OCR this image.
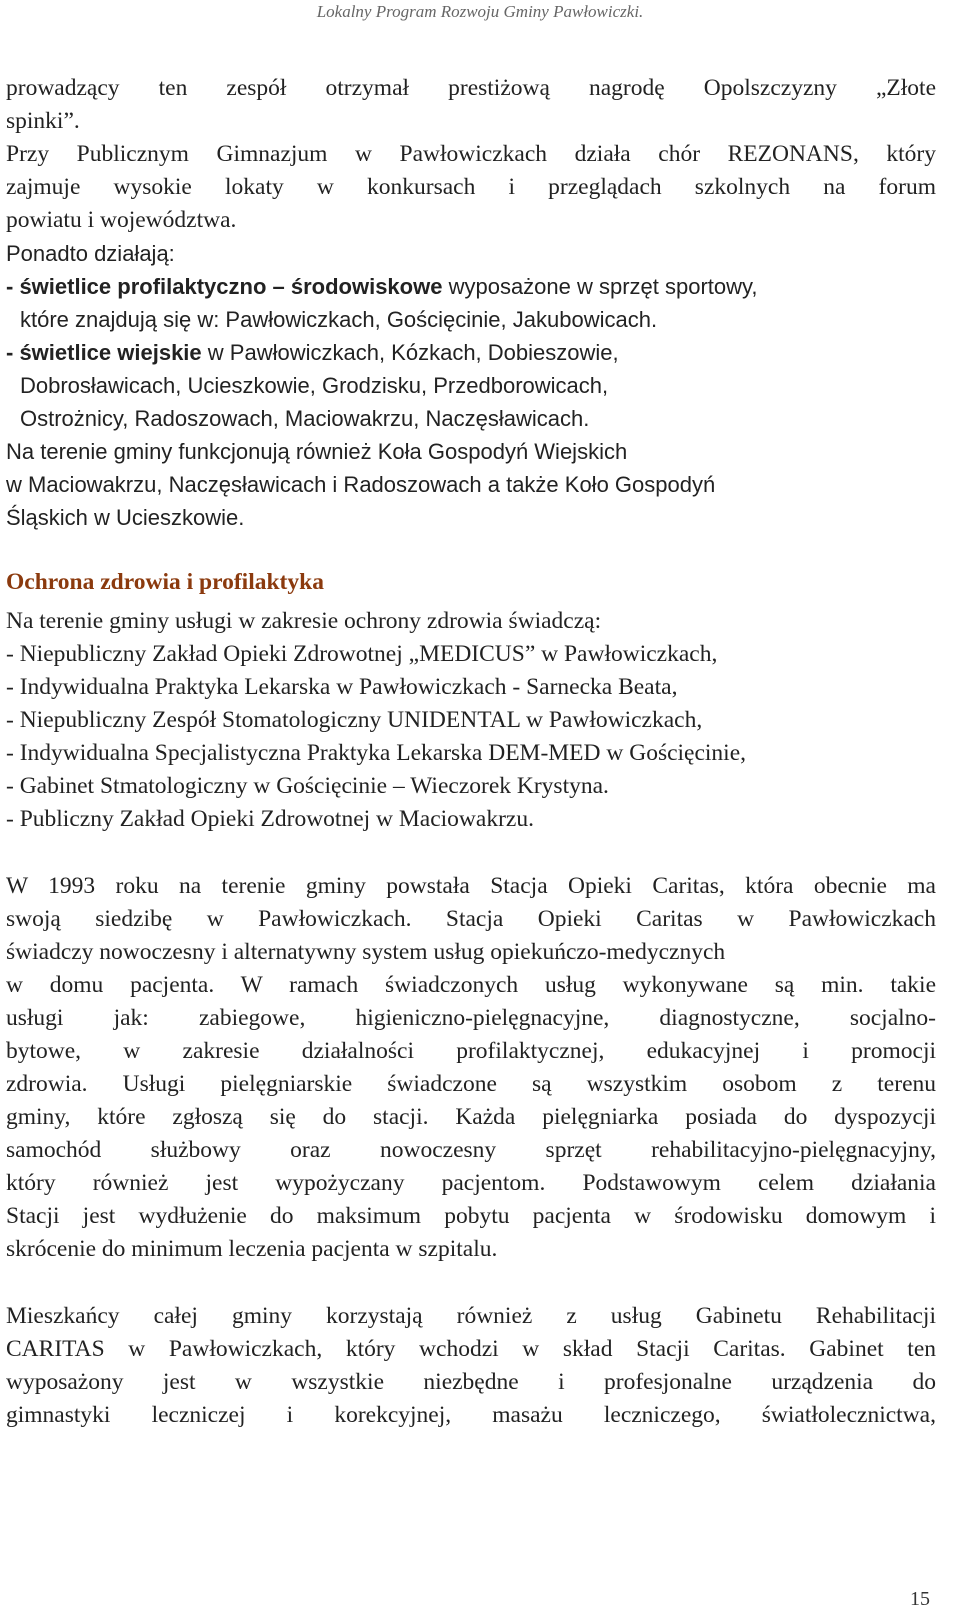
Lokalny Program Rozwoju Gminy Pawłowiczki.
prowadzący ten zespół otrzymał prestiżową nagrodę Opolszczyzny „Złote
spinki”.
Przy Publicznym Gimnazjum w Pawłowiczkach działa chór REZONANS, który
zajmuje wysokie lokaty w konkursach i przeglądach szkolnych na forum
powiatu i województwa.
Ponadto działają:
- świetlice profilaktyczno – środowiskowe wyposażone w sprzęt sportowy,
które znajdują się w: Pawłowiczkach, Gościęcinie, Jakubowicach.
- świetlice wiejskie w Pawłowiczkach, Kózkach, Dobieszowie,
Dobrosławicach, Ucieszkowie, Grodzisku, Przedborowicach,
Ostrożnicy, Radoszowach, Maciowakrzu, Naczęsławicach.
Na terenie gminy funkcjonują również Koła Gospodyń Wiejskich
w Maciowakrzu, Naczęsławicach i Radoszowach a także Koło Gospodyń
Śląskich w Ucieszkowie.
Ochrona zdrowia i profilaktyka
Na terenie gminy usługi w zakresie ochrony zdrowia świadczą:
- Niepubliczny Zakład Opieki Zdrowotnej „MEDICUS” w Pawłowiczkach,
- Indywidualna Praktyka Lekarska w Pawłowiczkach - Sarnecka Beata,
- Niepubliczny Zespół Stomatologiczny UNIDENTAL w Pawłowiczkach,
- Indywidualna Specjalistyczna Praktyka Lekarska DEM-MED w Gościęcinie,
- Gabinet Stmatologiczny w Gościęcinie – Wieczorek Krystyna.
- Publiczny Zakład Opieki Zdrowotnej w Maciowakrzu.
W 1993 roku na terenie gminy powstała Stacja Opieki Caritas, która obecnie ma
swoją siedzibę w Pawłowiczkach. Stacja Opieki Caritas w Pawłowiczkach
świadczy nowoczesny i alternatywny system usług opiekuńczo-medycznych
w domu pacjenta. W ramach świadczonych usług wykonywane są min. takie
usługi jak: zabiegowe, higieniczno-pielęgnacyjne, diagnostyczne, socjalno-
bytowe, w zakresie działalności profilaktycznej, edukacyjnej i promocji
zdrowia. Usługi pielęgniarskie świadczone są wszystkim osobom z terenu
gminy, które zgłoszą się do stacji. Każda pielęgniarka posiada do dyspozycji
samochód służbowy oraz nowoczesny sprzęt rehabilitacyjno-pielęgnacyjny,
który również jest wypożyczany pacjentom. Podstawowym celem działania
Stacji jest wydłużenie do maksimum pobytu pacjenta w środowisku domowym i
skrócenie do minimum leczenia pacjenta w szpitalu.
Mieszkańcy całej gminy korzystają również z usług Gabinetu Rehabilitacji
CARITAS w Pawłowiczkach, który wchodzi w skład Stacji Caritas. Gabinet ten
wyposażony jest w wszystkie niezbędne i profesjonalne urządzenia do
gimnastyki leczniczej i korekcyjnej, masażu leczniczego, światłolecznictwa,
15
